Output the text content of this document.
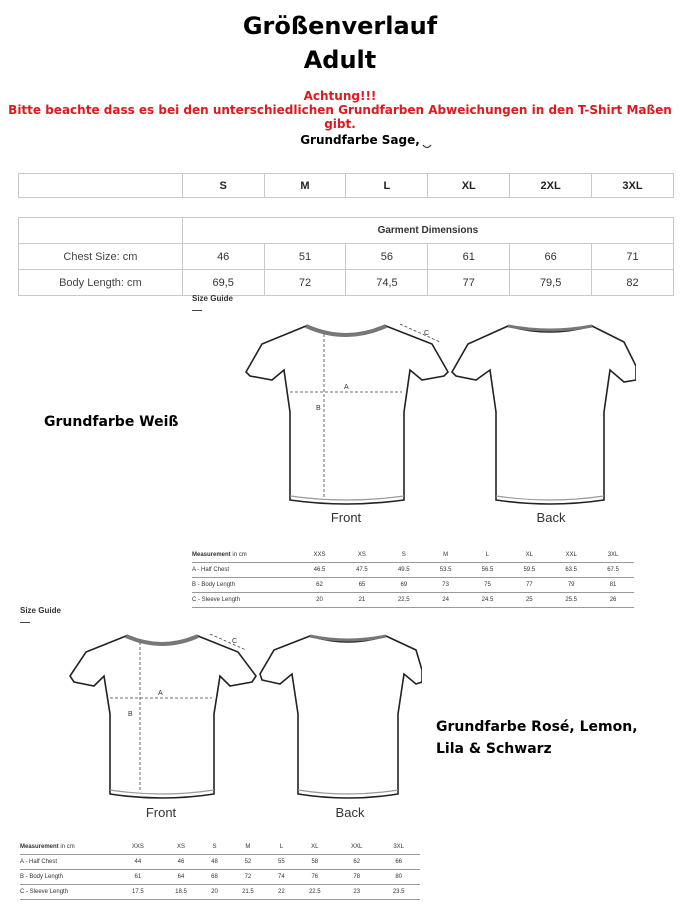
Größenverlauf
Adult
Achtung!!!
Bitte beachte dass es bei den unterschiedlichen Grundfarben Abweichungen in den T-Shirt Maßen gibt.
Grundfarbe Sage,
	S	M	L	XL	2XL	3XL
	Garment Dimensions					
Chest Size: cm	46	51	56	61	66	71
Body Length: cm	69,5	72	74,5	77	79,5	82
Size Guide
Grundfarbe Weiß
A
B
C
Front	Back
Measurement in cm	XXS	XS	S	M	L	XL	XXL	3XL
A - Half Chest	46.5	47.5	49.5	53.5	56.5	59.5	63.5	67.5
B - Body Length	62	65	69	73	75	77	79	81
C - Sleeve Length	20	21	22.5	24	24.5	25	25.5	26
Size Guide
A
B
C
Front	Back
Grundfarbe Rosé, Lemon,
Lila & Schwarz
Measurement in cm	XXS	XS	S	M	L	XL	XXL	3XL
A - Half Chest	44	46	48	52	55	58	62	66
B - Body Length	61	64	68	72	74	76	78	80
C - Sleeve Length	17.5	18.5	20	21.5	22	22.5	23	23.5
